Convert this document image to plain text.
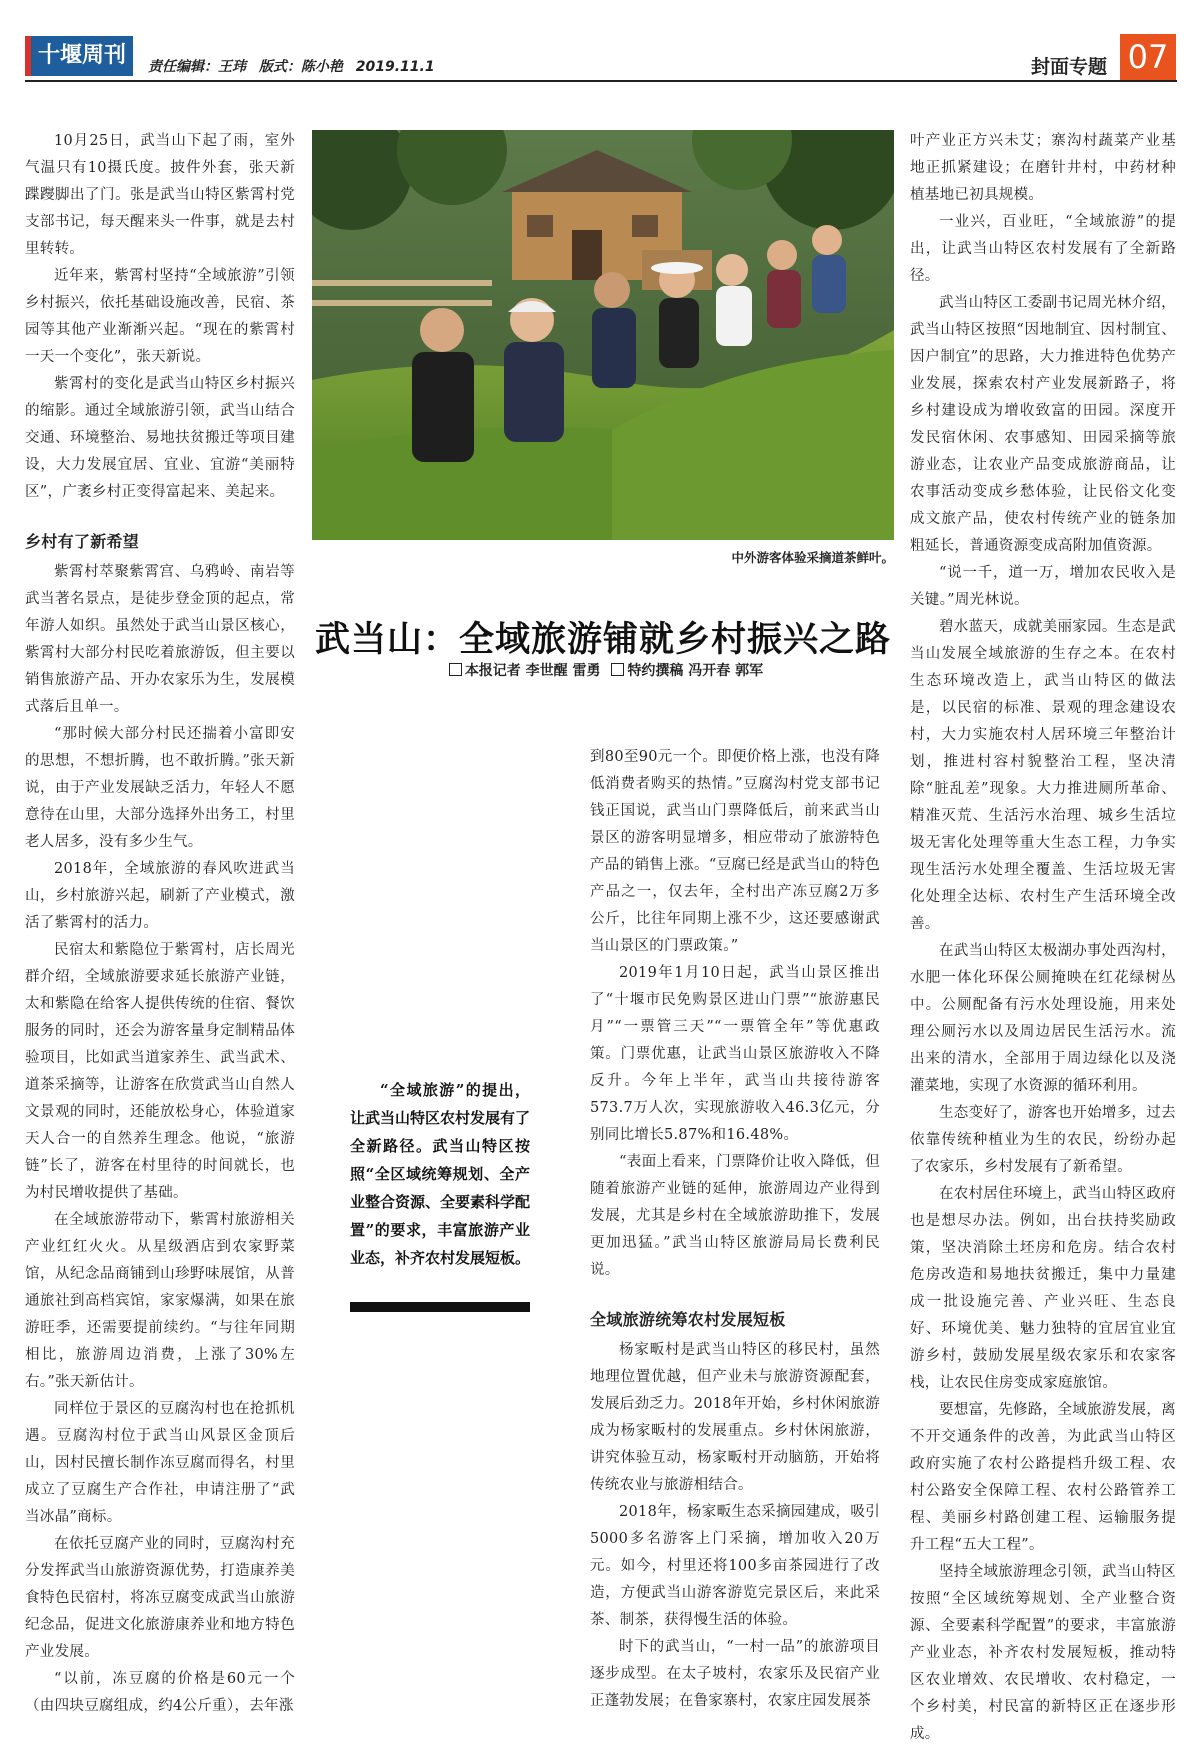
十堰周刊	责任编辑：王玮 版式：陈小艳 2019.11.1	封面专题 07

10月25日，武当山下起了雨，室外气温只有10摄氏度。披件外套，张天新蹀躞脚出了门。张是武当山特区紫霄村党支部书记，每天醒来头一件事，就是去村里转转。

近年来，紫霄村坚持“全域旅游”引领乡村振兴，依托基础设施改善，民宿、茶园等其他产业渐渐兴起。“现在的紫霄村一天一个变化”，张天新说。

紫霄村的变化是武当山特区乡村振兴的缩影。通过全域旅游引领，武当山结合交通、环境整治、易地扶贫搬迁等项目建设，大力发展宜居、宜业、宜游“美丽特区”，广袤乡村正变得富起来、美起来。

乡村有了新希望

紫霄村萃聚紫霄宫、乌鸦岭、南岩等武当著名景点，是徒步登金顶的起点，常年游人如织。虽然处于武当山景区核心，紫霄村大部分村民吃着旅游饭，但主要以销售旅游产品、开办农家乐为生，发展模式落后且单一。

“那时候大部分村民还揣着小富即安的思想，不想折腾，也不敢折腾。”张天新说，由于产业发展缺乏活力，年轻人不愿意待在山里，大部分选择外出务工，村里老人居多，没有多少生气。

2018年，全域旅游的春风吹进武当山，乡村旅游兴起，刷新了产业模式，激活了紫霄村的活力。

民宿太和紫隐位于紫霄村，店长周光群介绍，全域旅游要求延长旅游产业链，太和紫隐在给客人提供传统的住宿、餐饮服务的同时，还会为游客量身定制精品体验项目，比如武当道家养生、武当武术、道茶采摘等，让游客在欣赏武当山自然人文景观的同时，还能放松身心，体验道家天人合一的自然养生理念。他说，“旅游链”长了，游客在村里待的时间就长，也为村民增收提供了基础。

在全域旅游带动下，紫霄村旅游相关产业红红火火。从星级酒店到农家野菜馆，从纪念品商铺到山珍野味展馆，从普通旅社到高档宾馆，家家爆满，如果在旅游旺季，还需要提前续约。“与往年同期相比，旅游周边消费，上涨了30%左右。”张天新估计。

同样位于景区的豆腐沟村也在抢抓机遇。豆腐沟村位于武当山风景区金顶后山，因村民擅长制作冻豆腐而得名，村里成立了豆腐生产合作社，申请注册了“武当冰晶”商标。

在依托豆腐产业的同时，豆腐沟村充分发挥武当山旅游资源优势，打造康养美食特色民宿村，将冻豆腐变成武当山旅游纪念品，促进文化旅游康养业和地方特色产业发展。

“以前，冻豆腐的价格是60元一个（由四块豆腐组成，约4公斤重），去年涨

中外游客体验采摘道茶鲜叶。
武当山：全域旅游铺就乡村振兴之路
本报记者 李世醒 雷勇 特约撰稿 冯开春 郭军

“全域旅游”的提出，让武当山特区农村发展有了全新路径。武当山特区按照“全区域统筹规划、全产业整合资源、全要素科学配置”的要求，丰富旅游产业业态，补齐农村发展短板。

到80至90元一个。即便价格上涨，也没有降低消费者购买的热情。”豆腐沟村党支部书记钱正国说，武当山门票降低后，前来武当山景区的游客明显增多，相应带动了旅游特色产品的销售上涨。“豆腐已经是武当山的特色产品之一，仅去年，全村出产冻豆腐2万多公斤，比往年同期上涨不少，这还要感谢武当山景区的门票政策。”

2019年1月10日起，武当山景区推出了“十堰市民免购景区进山门票”“旅游惠民月”“一票管三天”“一票管全年”等优惠政策。门票优惠，让武当山景区旅游收入不降反升。今年上半年，武当山共接待游客573.7万人次，实现旅游收入46.3亿元，分别同比增长5.87%和16.48%。

“表面上看来，门票降价让收入降低，但随着旅游产业链的延伸，旅游周边产业得到发展，尤其是乡村在全域旅游助推下，发展更加迅猛。”武当山特区旅游局局长费利民说。

全域旅游统筹农村发展短板

杨家畈村是武当山特区的移民村，虽然地理位置优越，但产业未与旅游资源配套，发展后劲乏力。2018年开始，乡村休闲旅游成为杨家畈村的发展重点。乡村休闲旅游，讲究体验互动，杨家畈村开动脑筋，开始将传统农业与旅游相结合。

2018年，杨家畈生态采摘园建成，吸引5000多名游客上门采摘，增加收入20万元。如今，村里还将100多亩茶园进行了改造，方便武当山游客游览完景区后，来此采茶、制茶，获得慢生活的体验。

时下的武当山，“一村一品”的旅游项目逐步成型。在太子坡村，农家乐及民宿产业正蓬勃发展；在鲁家寨村，农家庄园发展茶

叶产业正方兴未艾；寨沟村蔬菜产业基地正抓紧建设；在磨针井村，中药材种植基地已初具规模。

一业兴，百业旺，“全域旅游”的提出，让武当山特区农村发展有了全新路径。

武当山特区工委副书记周光林介绍，武当山特区按照“因地制宜、因村制宜、因户制宜”的思路，大力推进特色优势产业发展，探索农村产业发展新路子，将乡村建设成为增收致富的田园。深度开发民宿休闲、农事感知、田园采摘等旅游业态，让农业产品变成旅游商品，让农事活动变成乡愁体验，让民俗文化变成文旅产品，使农村传统产业的链条加粗延长，普通资源变成高附加值资源。

“说一千，道一万，增加农民收入是关键。”周光林说。

碧水蓝天，成就美丽家园。生态是武当山发展全域旅游的生存之本。在农村生态环境改造上，武当山特区的做法是，以民宿的标准、景观的理念建设农村，大力实施农村人居环境三年整治计划，推进村容村貌整治工程，坚决清除“脏乱差”现象。大力推进厕所革命、精准灭荒、生活污水治理、城乡生活垃圾无害化处理等重大生态工程，力争实现生活污水处理全覆盖、生活垃圾无害化处理全达标、农村生产生活环境全改善。

在武当山特区太极湖办事处西沟村，水肥一体化环保公厕掩映在红花绿树丛中。公厕配备有污水处理设施，用来处理公厕污水以及周边居民生活污水。流出来的清水，全部用于周边绿化以及浇灌菜地，实现了水资源的循环利用。

生态变好了，游客也开始增多，过去依靠传统种植业为生的农民，纷纷办起了农家乐，乡村发展有了新希望。

在农村居住环境上，武当山特区政府也是想尽办法。例如，出台扶持奖励政策，坚决消除土坯房和危房。结合农村危房改造和易地扶贫搬迁，集中力量建成一批设施完善、产业兴旺、生态良好、环境优美、魅力独特的宜居宜业宜游乡村，鼓励发展星级农家乐和农家客栈，让农民住房变成家庭旅馆。

要想富，先修路，全域旅游发展，离不开交通条件的改善，为此武当山特区政府实施了农村公路提档升级工程、农村公路安全保障工程、农村公路管养工程、美丽乡村路创建工程、运输服务提升工程“五大工程”。

坚持全域旅游理念引领，武当山特区按照“全区域统筹规划、全产业整合资源、全要素科学配置”的要求，丰富旅游产业业态，补齐农村发展短板，推动特区农业增效、农民增收、农村稳定，一个乡村美，村民富的新特区正在逐步形成。
